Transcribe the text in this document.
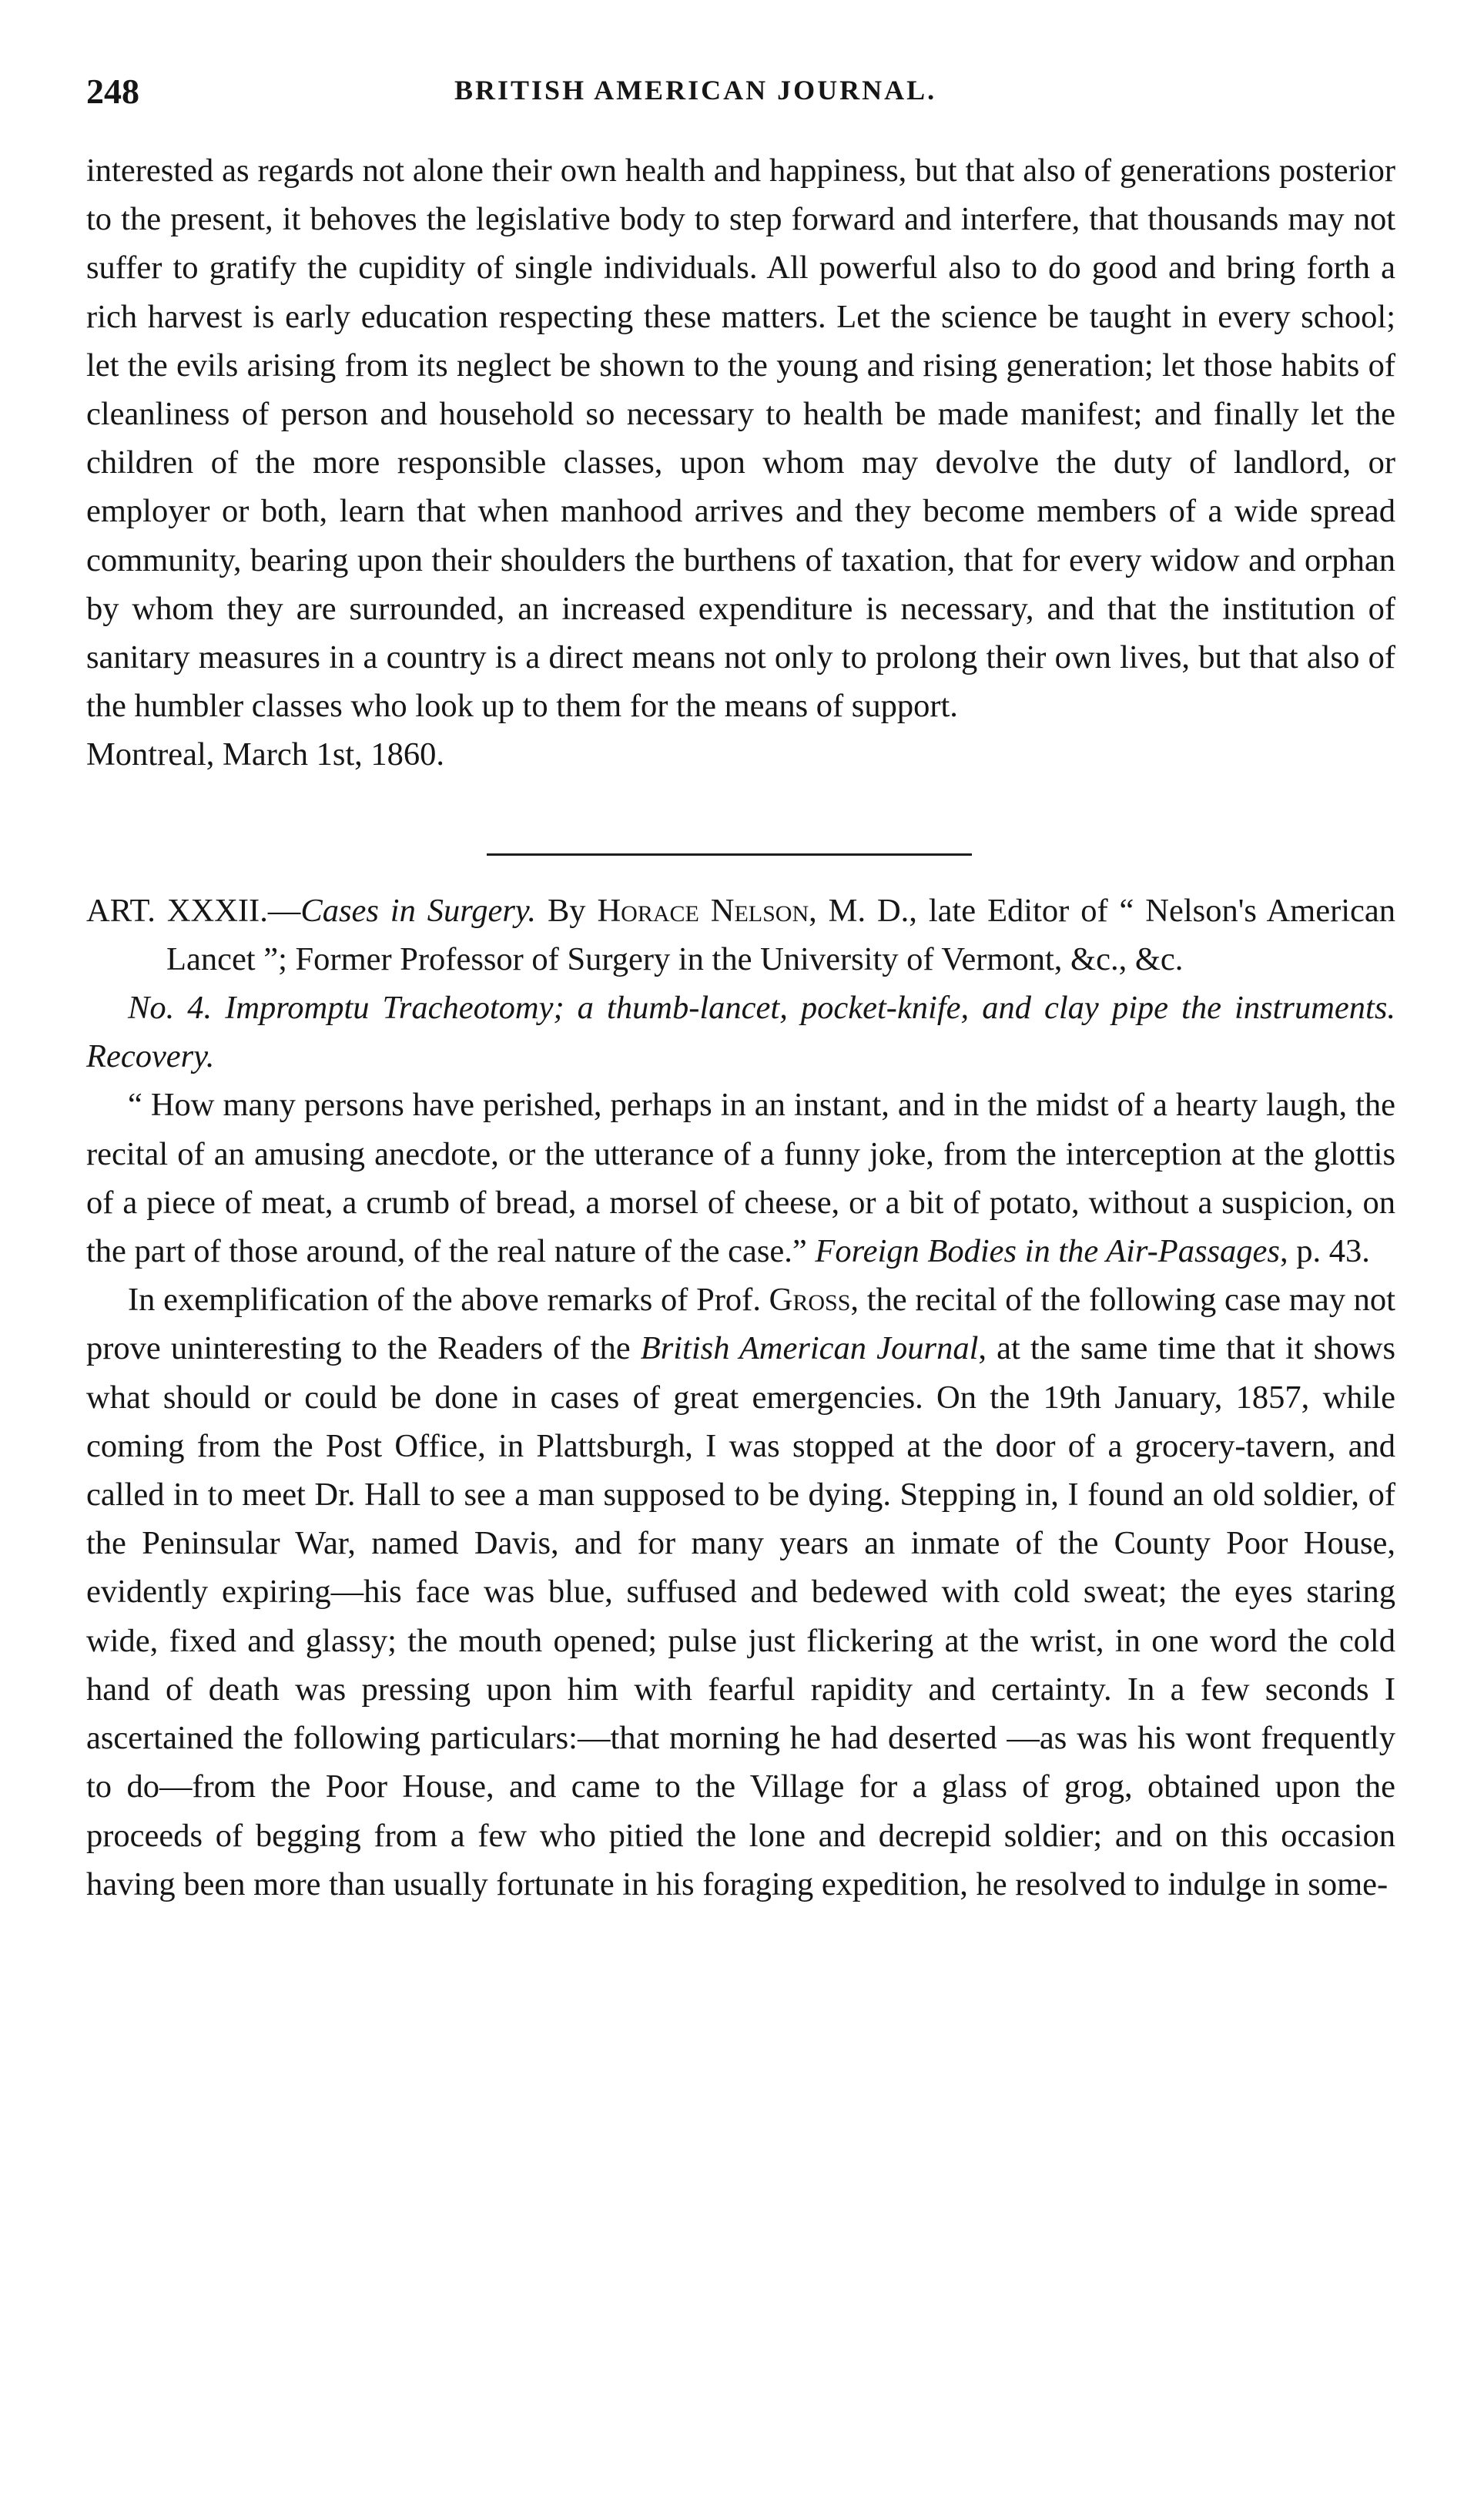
248	BRITISH AMERICAN JOURNAL.

interested as regards not alone their own health and happiness, but that also of generations posterior to the present, it behoves the legislative body to step forward and interfere, that thousands may not suffer to gratify the cupidity of single individuals. All powerful also to do good and bring forth a rich harvest is early education respecting these matters. Let the science be taught in every school; let the evils arising from its neglect be shown to the young and rising generation; let those habits of cleanliness of person and household so necessary to health be made manifest; and finally let the children of the more responsible classes, upon whom may devolve the duty of landlord, or employer or both, learn that when manhood arrives and they become members of a wide spread community, bearing upon their shoulders the burthens of taxation, that for every widow and orphan by whom they are surrounded, an increased expenditure is necessary, and that the institution of sanitary measures in a country is a direct means not only to prolong their own lives, but that also of the humbler classes who look up to them for the means of support.

Montreal, March 1st, 1860.

ART. XXXII.—Cases in Surgery. By Horace Nelson, M. D., late Editor of “ Nelson's American Lancet ”; Former Professor of Surgery in the University of Vermont, &c., &c.

No. 4. Impromptu Tracheotomy; a thumb-lancet, pocket-knife, and clay pipe the instruments. Recovery.

“ How many persons have perished, perhaps in an instant, and in the midst of a hearty laugh, the recital of an amusing anecdote, or the utterance of a funny joke, from the interception at the glottis of a piece of meat, a crumb of bread, a morsel of cheese, or a bit of potato, without a suspicion, on the part of those around, of the real nature of the case.” Foreign Bodies in the Air-Passages, p. 43.

In exemplification of the above remarks of Prof. Gross, the recital of the following case may not prove uninteresting to the Readers of the British American Journal, at the same time that it shows what should or could be done in cases of great emergencies. On the 19th January, 1857, while coming from the Post Office, in Plattsburgh, I was stopped at the door of a grocery-tavern, and called in to meet Dr. Hall to see a man supposed to be dying. Stepping in, I found an old soldier, of the Peninsular War, named Davis, and for many years an inmate of the County Poor House, evidently expiring—his face was blue, suffused and bedewed with cold sweat; the eyes staring wide, fixed and glassy; the mouth opened; pulse just flickering at the wrist, in one word the cold hand of death was pressing upon him with fearful rapidity and certainty. In a few seconds I ascertained the following particulars:—that morning he had deserted —as was his wont frequently to do—from the Poor House, and came to the Village for a glass of grog, obtained upon the proceeds of begging from a few who pitied the lone and decrepid soldier; and on this occasion having been more than usually fortunate in his foraging expedition, he resolved to indulge in some-
